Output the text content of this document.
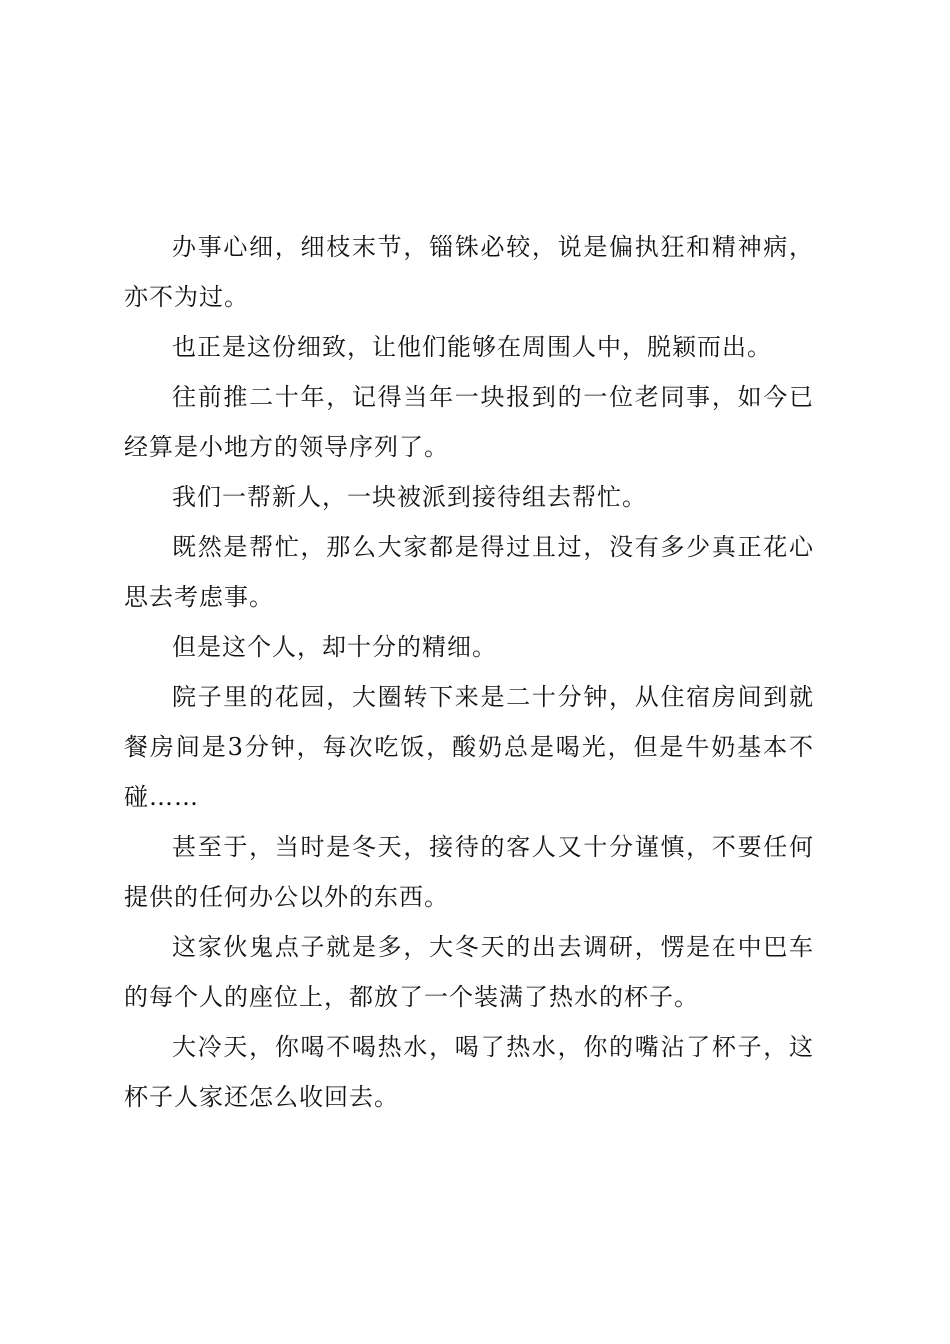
办事心细，细枝末节，锱铢必较，说是偏执狂和精神病，亦不为过。

也正是这份细致，让他们能够在周围人中，脱颖而出。

往前推二十年，记得当年一块报到的一位老同事，如今已经算是小地方的领导序列了。

我们一帮新人，一块被派到接待组去帮忙。

既然是帮忙，那么大家都是得过且过，没有多少真正花心思去考虑事。

但是这个人，却十分的精细。

院子里的花园，大圈转下来是二十分钟，从住宿房间到就餐房间是3分钟，每次吃饭，酸奶总是喝光，但是牛奶基本不碰……

甚至于，当时是冬天，接待的客人又十分谨慎，不要任何提供的任何办公以外的东西。

这家伙鬼点子就是多，大冬天的出去调研，愣是在中巴车的每个人的座位上，都放了一个装满了热水的杯子。

大冷天，你喝不喝热水，喝了热水，你的嘴沾了杯子，这杯子人家还怎么收回去。
